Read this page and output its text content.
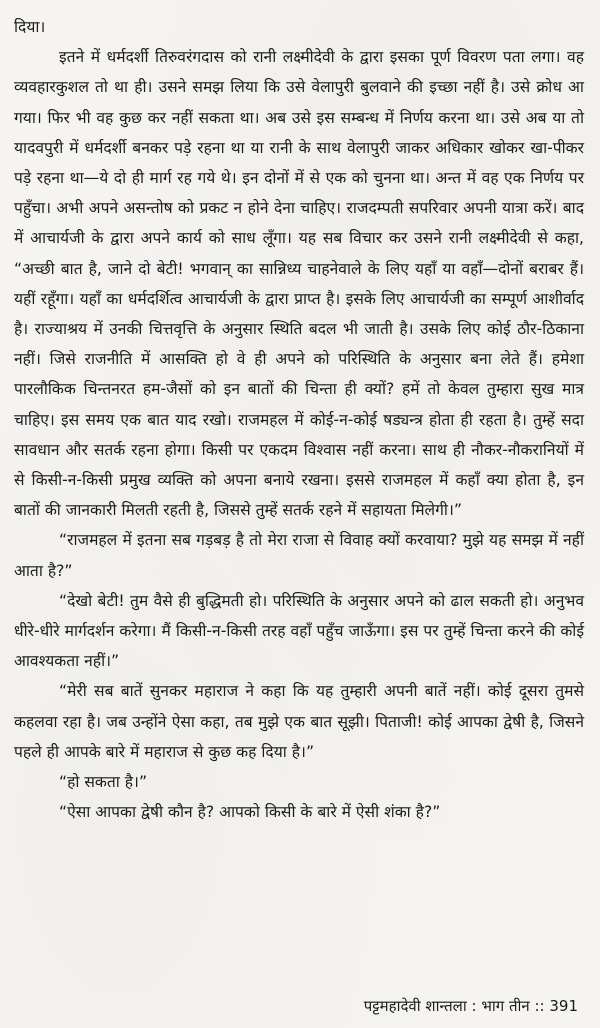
दिया।

इतने में धर्मदर्शी तिरुवरंगदास को रानी लक्ष्मीदेवी के द्वारा इसका पूर्ण विवरण पता लगा। वह व्यवहारकुशल तो था ही। उसने समझ लिया कि उसे वेलापुरी बुलवाने की इच्छा नहीं है। उसे क्रोध आ गया। फिर भी वह कुछ कर नहीं सकता था। अब उसे इस सम्बन्ध में निर्णय करना था। उसे अब या तो यादवपुरी में धर्मदर्शी बनकर पड़े रहना था या रानी के साथ वेलापुरी जाकर अधिकार खोकर खा-पीकर पड़े रहना था—ये दो ही मार्ग रह गये थे। इन दोनों में से एक को चुनना था। अन्त में वह एक निर्णय पर पहुँचा। अभी अपने असन्तोष को प्रकट न होने देना चाहिए। राजदम्पती सपरिवार अपनी यात्रा करें। बाद में आचार्यजी के द्वारा अपने कार्य को साध लूँगा। यह सब विचार कर उसने रानी लक्ष्मीदेवी से कहा, “अच्छी बात है, जाने दो बेटी! भगवान् का सान्निध्य चाहनेवाले के लिए यहाँ या वहाँ—दोनों बराबर हैं। यहीं रहूँगा। यहाँ का धर्मदर्शित्व आचार्यजी के द्वारा प्राप्त है। इसके लिए आचार्यजी का सम्पूर्ण आशीर्वाद है। राज्याश्रय में उनकी चित्तवृत्ति के अनुसार स्थिति बदल भी जाती है। उसके लिए कोई ठौर-ठिकाना नहीं। जिसे राजनीति में आसक्ति हो वे ही अपने को परिस्थिति के अनुसार बना लेते हैं। हमेशा पारलौकिक चिन्तनरत हम-जैसों को इन बातों की चिन्ता ही क्यों? हमें तो केवल तुम्हारा सुख मात्र चाहिए। इस समय एक बात याद रखो। राजमहल में कोई-न-कोई षड्यन्त्र होता ही रहता है। तुम्हें सदा सावधान और सतर्क रहना होगा। किसी पर एकदम विश्वास नहीं करना। साथ ही नौकर-नौकरानियों में से किसी-न-किसी प्रमुख व्यक्ति को अपना बनाये रखना। इससे राजमहल में कहाँ क्या होता है, इन बातों की जानकारी मिलती रहती है, जिससे तुम्हें सतर्क रहने में सहायता मिलेगी।”

“राजमहल में इतना सब गड़बड़ है तो मेरा राजा से विवाह क्यों करवाया? मुझे यह समझ में नहीं आता है?”

“देखो बेटी! तुम वैसे ही बुद्धिमती हो। परिस्थिति के अनुसार अपने को ढाल सकती हो। अनुभव धीरे-धीरे मार्गदर्शन करेगा। मैं किसी-न-किसी तरह वहाँ पहुँच जाऊँगा। इस पर तुम्हें चिन्ता करने की कोई आवश्यकता नहीं।”

“मेरी सब बातें सुनकर महाराज ने कहा कि यह तुम्हारी अपनी बातें नहीं। कोई दूसरा तुमसे कहलवा रहा है। जब उन्होंने ऐसा कहा, तब मुझे एक बात सूझी। पिताजी! कोई आपका द्वेषी है, जिसने पहले ही आपके बारे में महाराज से कुछ कह दिया है।”

“हो सकता है।”

“ऐसा आपका द्वेषी कौन है? आपको किसी के बारे में ऐसी शंका है?”

पट्टमहादेवी शान्तला : भाग तीन :: 391
